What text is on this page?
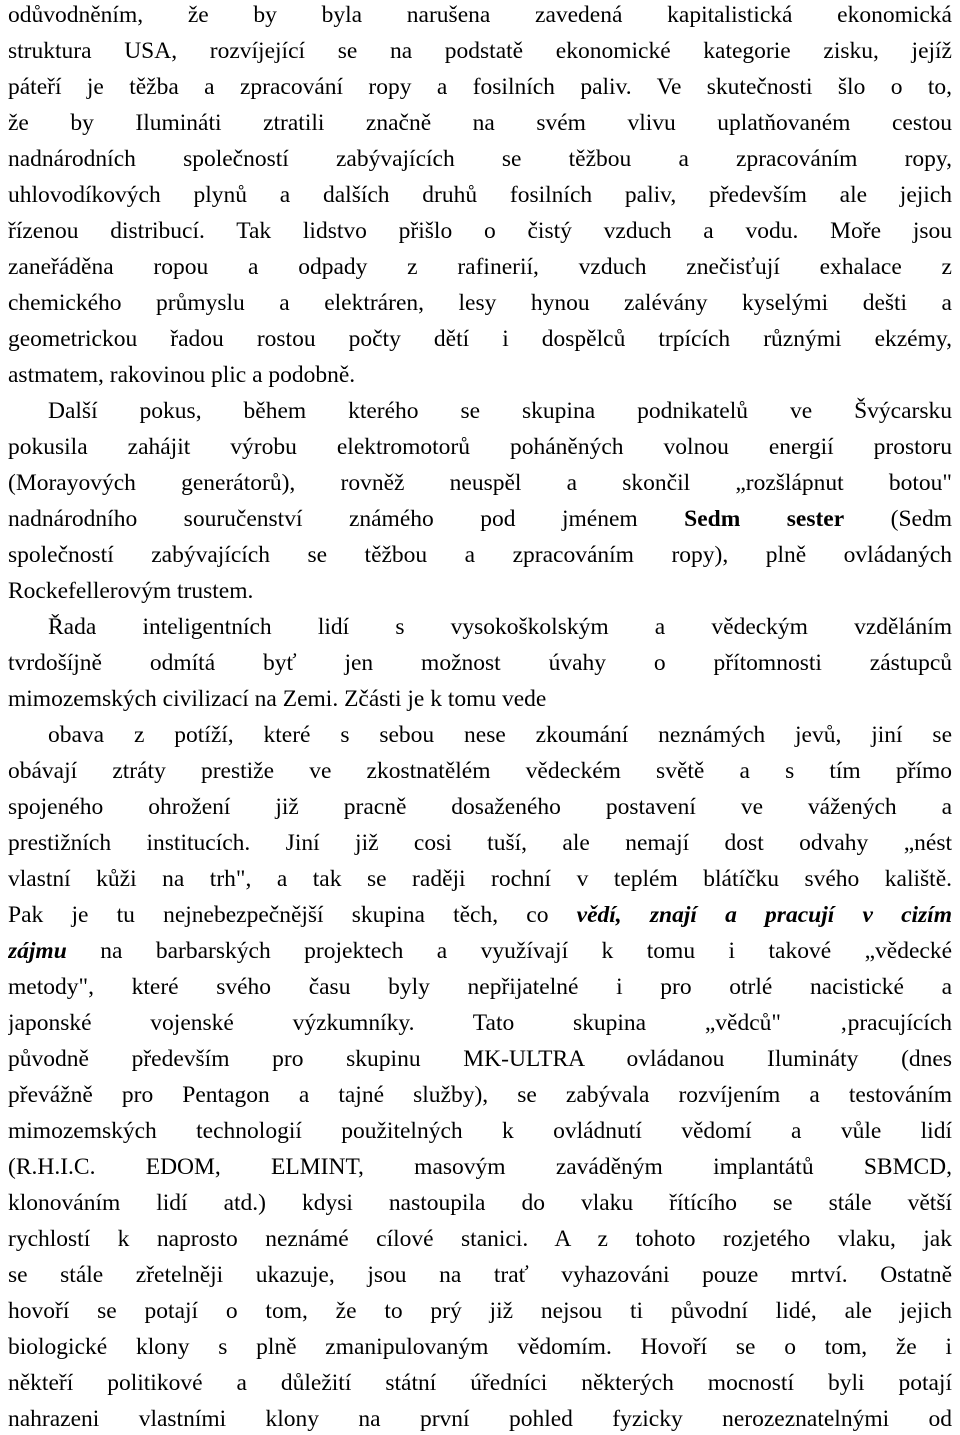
odůvodněním, že by byla narušena zavedená kapitalistická ekonomická
struktura USA, rozvíjející se na podstatě ekonomické kategorie zisku, jejíž
páteří je těžba a zpracování ropy a fosilních paliv. Ve skutečnosti šlo o to,
že by Ilumináti ztratili značně na svém vlivu uplatňovaném cestou
nadnárodních společností zabývajících se těžbou a zpracováním ropy,
uhlovodíkových plynů a dalších druhů fosilních paliv, především ale jejich
řízenou distribucí. Tak lidstvo přišlo o čistý vzduch a vodu. Moře jsou
zaneřáděna ropou a odpady z rafinerií, vzduch znečisťují exhalace z
chemického průmyslu a elektráren, lesy hynou zalévány kyselými dešti a
geometrickou řadou rostou počty dětí i dospělců trpících různými ekzémy,
astmatem, rakovinou plic a podobně.
Další pokus, během kterého se skupina podnikatelů ve Švýcarsku
pokusila zahájit výrobu elektromotorů poháněných volnou energií prostoru
(Morayových generátorů), rovněž neuspěl a skončil „rozšlápnut botou"
nadnárodního souručenství známého pod jménem Sedm sester (Sedm
společností zabývajících se těžbou a zpracováním ropy), plně ovládaných
Rockefellerovým trustem.
Řada inteligentních lidí s vysokoškolským a vědeckým vzděláním
tvrdošíjně odmítá byť jen možnost úvahy o přítomnosti zástupců
mimozemských civilizací na Zemi. Zčásti je k tomu vede
obava z potíží, které s sebou nese zkoumání neznámých jevů, jiní se
obávají ztráty prestiže ve zkostnatělém vědeckém světě a s tím přímo
spojeného ohrožení již pracně dosaženého postavení ve vážených a
prestižních institucích. Jiní již cosi tuší, ale nemají dost odvahy „nést
vlastní kůži na trh", a tak se raději rochní v teplém blátíčku svého kaliště.
Pak je tu nejnebezpečnější skupina těch, co vědí, znají a pracují v cizím
zájmu na barbarských projektech a využívají k tomu i takové „vědecké
metody", které svého času byly nepřijatelné i pro otrlé nacistické a
japonské vojenské výzkumníky. Tato skupina „vědců" ‚pracujících
původně především pro skupinu MK-ULTRA ovládanou Ilumináty (dnes
převážně pro Pentagon a tajné služby), se zabývala rozvíjením a testováním
mimozemských technologií použitelných k ovládnutí vědomí a vůle lidí
(R.H.I.C. EDOM, ELMINT, masovým zaváděným implantátů SBMCD,
klonováním lidí atd.) kdysi nastoupila do vlaku řítícího se stále větší
rychlostí k naprosto neznámé cílové stanici. A z tohoto rozjetého vlaku, jak
se stále zřetelněji ukazuje, jsou na trať vyhazováni pouze mrtví. Ostatně
hovoří se potají o tom, že to prý již nejsou ti původní lidé, ale jejich
biologické klony s plně zmanipulovaným vědomím. Hovoří se o tom, že i
někteří politikové a důležití státní úředníci některých mocností byli potají
nahrazeni vlastními klony na první pohled fyzicky nerozeznatelnými od
